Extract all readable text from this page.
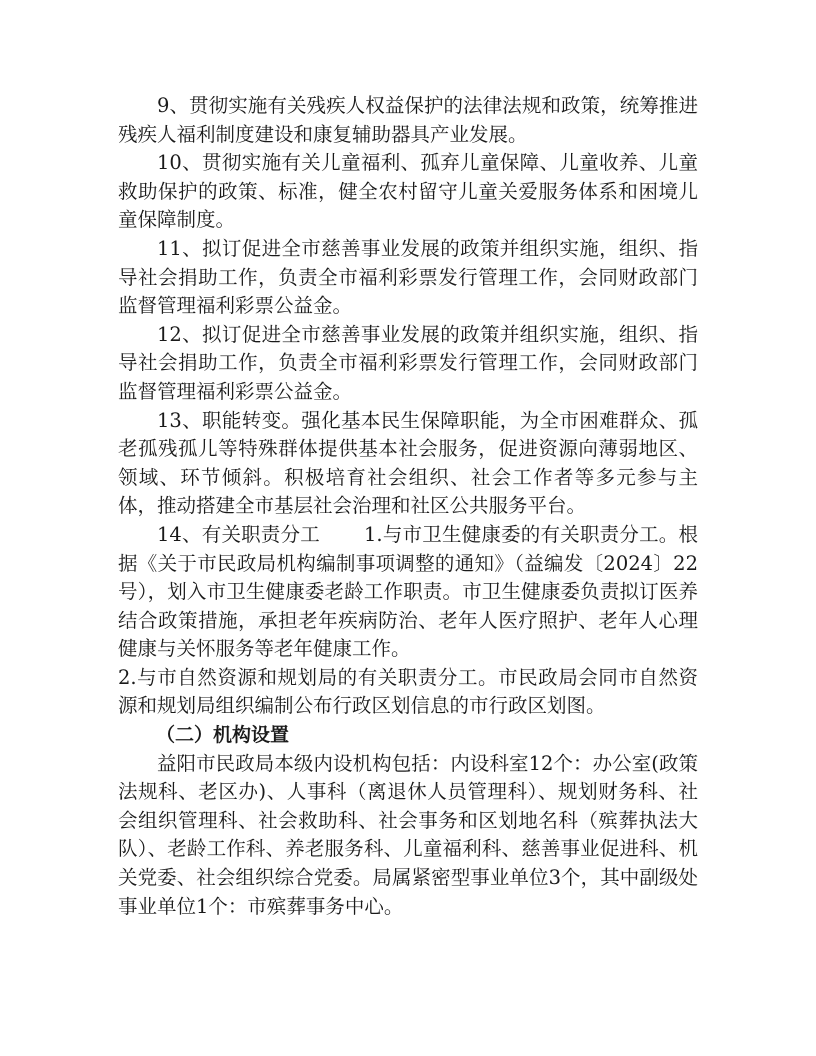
9、贯彻实施有关残疾人权益保护的法律法规和政策，统筹推进残疾人福利制度建设和康复辅助器具产业发展。

10、贯彻实施有关儿童福利、孤弃儿童保障、儿童收养、儿童救助保护的政策、标准，健全农村留守儿童关爱服务体系和困境儿童保障制度。

11、拟订促进全市慈善事业发展的政策并组织实施，组织、指导社会捐助工作，负责全市福利彩票发行管理工作，会同财政部门监督管理福利彩票公益金。

12、拟订促进全市慈善事业发展的政策并组织实施，组织、指导社会捐助工作，负责全市福利彩票发行管理工作，会同财政部门监督管理福利彩票公益金。

13、职能转变。强化基本民生保障职能，为全市困难群众、孤老孤残孤儿等特殊群体提供基本社会服务，促进资源向薄弱地区、领域、环节倾斜。积极培育社会组织、社会工作者等多元参与主体，推动搭建全市基层社会治理和社区公共服务平台。

14、有关职责分工 1.与市卫生健康委的有关职责分工。根据《关于市民政局机构编制事项调整的通知》（益编发〔2024〕22号），划入市卫生健康委老龄工作职责。市卫生健康委负责拟订医养结合政策措施，承担老年疾病防治、老年人医疗照护、老年人心理健康与关怀服务等老年健康工作。

2.与市自然资源和规划局的有关职责分工。市民政局会同市自然资源和规划局组织编制公布行政区划信息的市行政区划图。

（二）机构设置

益阳市民政局本级内设机构包括：内设科室12个：办公室(政策法规科、老区办)、人事科（离退休人员管理科）、规划财务科、社会组织管理科、社会救助科、社会事务和区划地名科（殡葬执法大队）、老龄工作科、养老服务科、儿童福利科、慈善事业促进科、机关党委、社会组织综合党委。局属紧密型事业单位3个，其中副级处事业单位1个：市殡葬事务中心。
